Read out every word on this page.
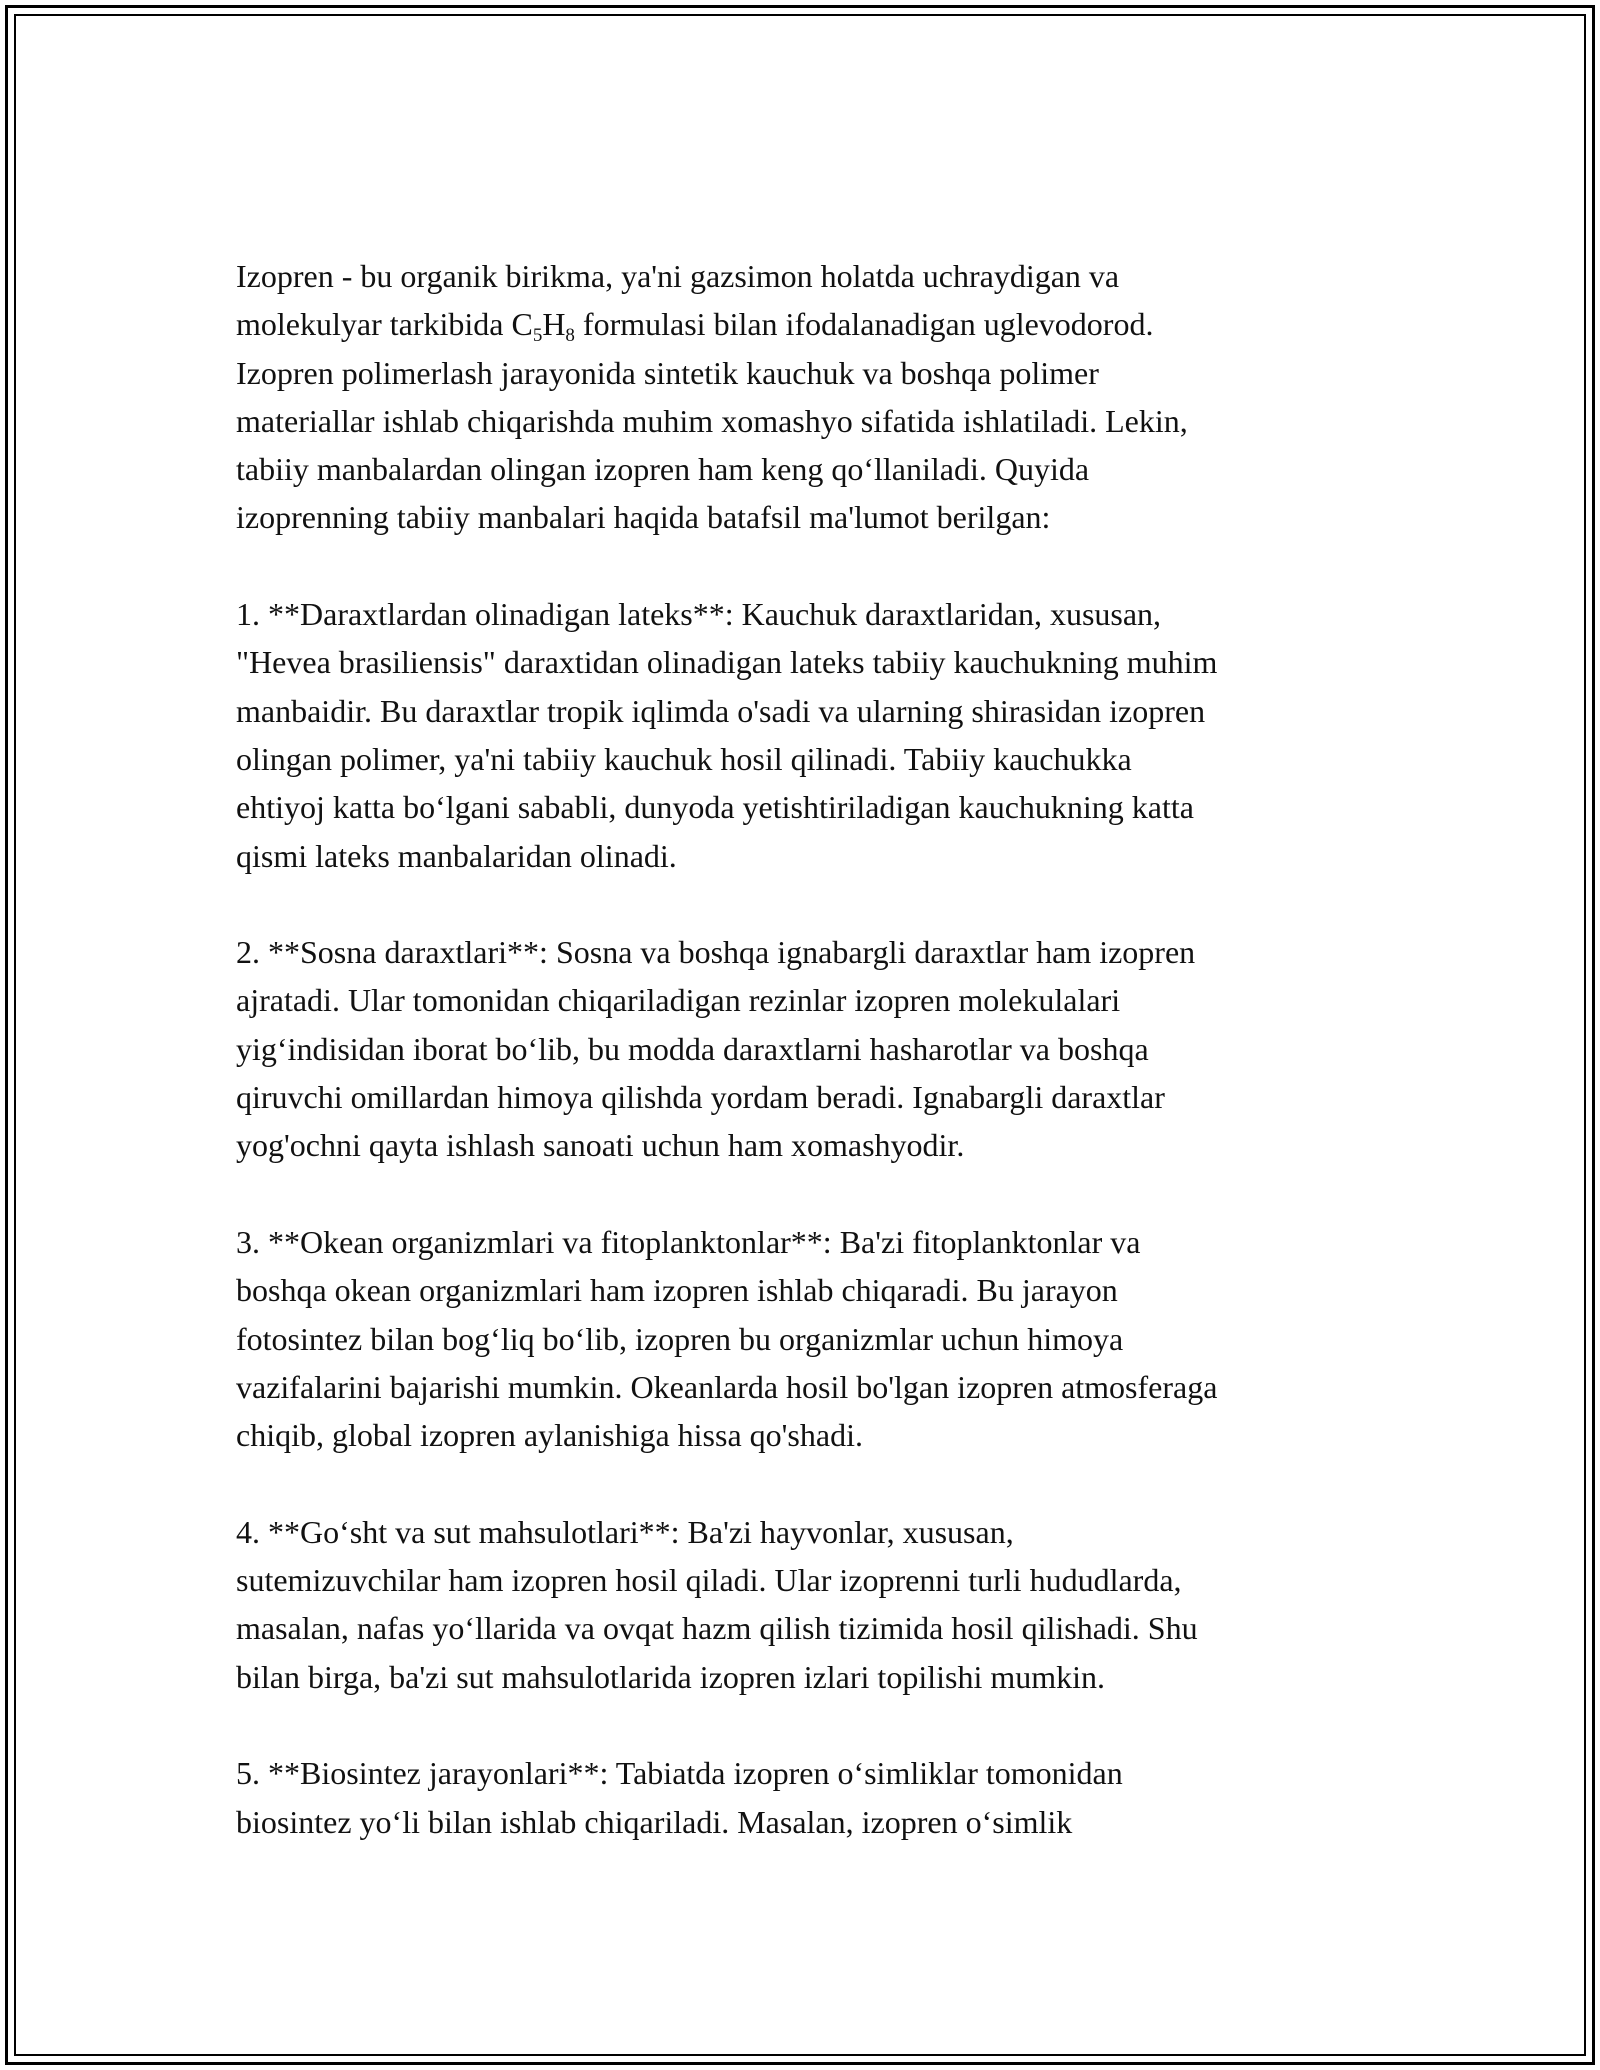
Izopren - bu organik birikma, ya'ni gazsimon holatda uchraydigan va
molekulyar tarkibida $C_5H_8$ formulasi bilan ifodalanadigan uglevodorod.
Izopren polimerlash jarayonida sintetik kauchuk va boshqa polimer
materiallar ishlab chiqarishda muhim xomashyo sifatida ishlatiladi. Lekin,
tabiiy manbalardan olingan izopren ham keng qo‘llaniladi. Quyida
izoprenning tabiiy manbalari haqida batafsil ma'lumot berilgan:
1. **Daraxtlardan olinadigan lateks**: Kauchuk daraxtlaridan, xususan,
"Hevea brasiliensis" daraxtidan olinadigan lateks tabiiy kauchukning muhim
manbaidir. Bu daraxtlar tropik iqlimda o'sadi va ularning shirasidan izopren
olingan polimer, ya'ni tabiiy kauchuk hosil qilinadi. Tabiiy kauchukka
ehtiyoj katta bo‘lgani sababli, dunyoda yetishtiriladigan kauchukning katta
qismi lateks manbalaridan olinadi.
2. **Sosna daraxtlari**: Sosna va boshqa ignabargli daraxtlar ham izopren
ajratadi. Ular tomonidan chiqariladigan rezinlar izopren molekulalari
yig‘indisidan iborat bo‘lib, bu modda daraxtlarni hasharotlar va boshqa
qiruvchi omillardan himoya qilishda yordam beradi. Ignabargli daraxtlar
yog'ochni qayta ishlash sanoati uchun ham xomashyodir.
3. **Okean organizmlari va fitoplanktonlar**: Ba'zi fitoplanktonlar va
boshqa okean organizmlari ham izopren ishlab chiqaradi. Bu jarayon
fotosintez bilan bog‘liq bo‘lib, izopren bu organizmlar uchun himoya
vazifalarini bajarishi mumkin. Okeanlarda hosil bo'lgan izopren atmosferaga
chiqib, global izopren aylanishiga hissa qo'shadi.
4. **Go‘sht va sut mahsulotlari**: Ba'zi hayvonlar, xususan,
sutemizuvchilar ham izopren hosil qiladi. Ular izoprenni turli hududlarda,
masalan, nafas yo‘llarida va ovqat hazm qilish tizimida hosil qilishadi. Shu
bilan birga, ba'zi sut mahsulotlarida izopren izlari topilishi mumkin.
5. **Biosintez jarayonlari**: Tabiatda izopren o‘simliklar tomonidan
biosintez yo‘li bilan ishlab chiqariladi. Masalan, izopren o‘simlik
